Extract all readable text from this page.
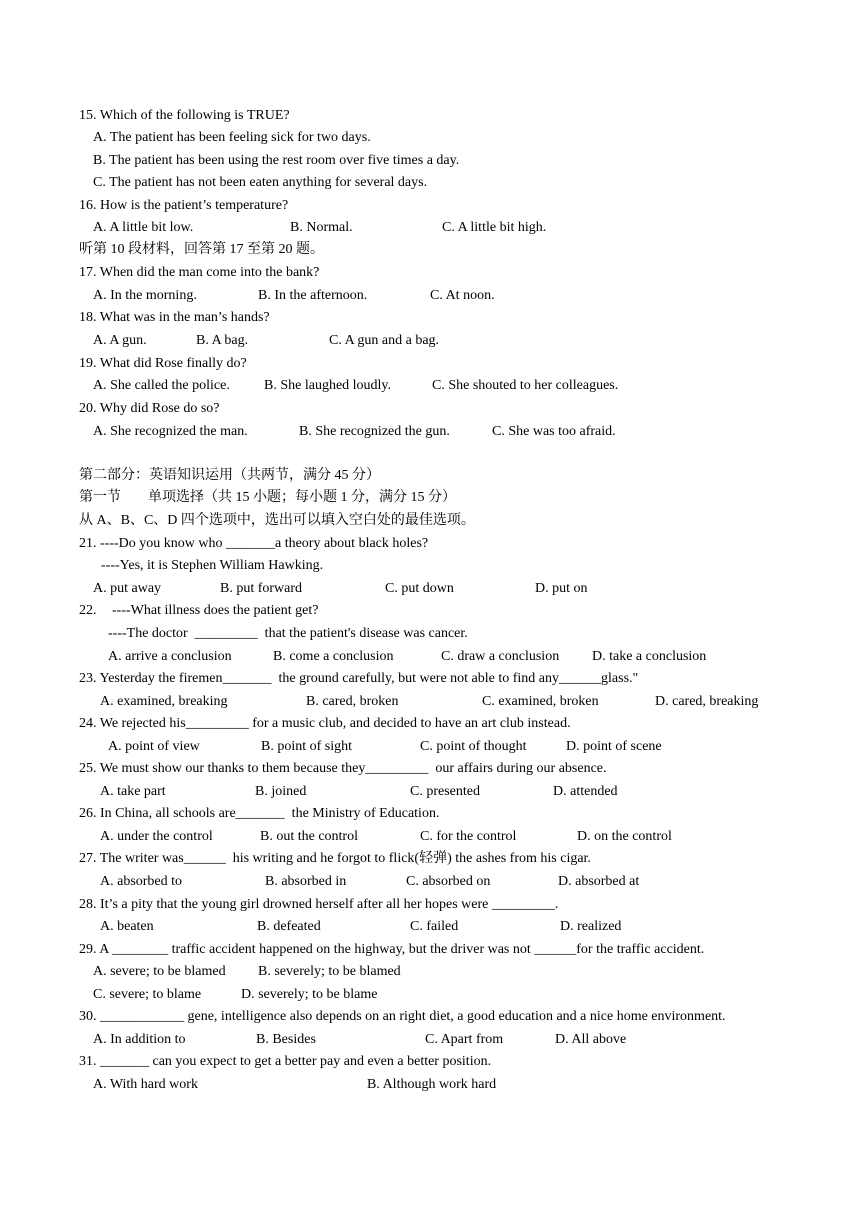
15. Which of the following is TRUE?
A. The patient has been feeling sick for two days.
B. The patient has been using the rest room over five times a day.
C. The patient has not been eaten anything for several days.
16. How is the patient’s temperature?
A. A little bit low.	B. Normal.	C. A little bit high.
听第 10 段材料，回答第 17 至第 20 题。
17. When did the man come into the bank?
A. In the morning.	B. In the afternoon.	C. At noon.
18. What was in the man’s hands?
A. A gun.	B. A bag.	C. A gun and a bag.
19. What did Rose finally do?
A. She called the police. B. She laughed loudly.	C. She shouted to her colleagues.
20. Why did Rose do so?
A. She recognized the man.	B. She recognized the gun.	C. She was too afraid.
第二部分：英语知识运用（共两节，满分 45 分）
第一节 单项选择（共 15 小题；每小题 1 分，满分 15 分）
从 A、B、C、D 四个选项中，选出可以填入空白处的最佳选项。
21. ----Do you know who _______a theory about black holes?
----Yes, it is Stephen William Hawking.
A. put away	B. put forward	C. put down	D. put on
22. ----What illness does the patient get?
----The doctor  _________  that the patient's disease was cancer.
A. arrive a conclusion	B. come a conclusion	C. draw a conclusion D. take a conclusion
23. Yesterday the firemen_______  the ground carefully, but were not able to find any______glass."
A. examined, breaking	B. cared, broken	C. examined, broken	D. cared, breaking
24. We rejected his_________ for a music club, and decided to have an art club instead.
A. point of view	B. point of sight	C. point of thought	D. point of scene
25. We must show our thanks to them because they_________  our affairs during our absence.
A. take part	B. joined	C. presented	D. attended
26. In China, all schools are_______  the Ministry of Education.
A. under the control	B. out the control	C. for the control	D. on the control
27. The writer was______  his writing and he forgot to flick(轻弹) the ashes from his cigar.
A. absorbed to	B. absorbed in	C. absorbed on	D. absorbed at
28. It’s a pity that the young girl drowned herself after all her hopes were _________.
A. beaten	B. defeated	C. failed	D. realized
29. A ________ traffic accident happened on the highway, but the driver was not ______for the traffic accident.
A. severe; to be blamed B. severely; to be blamed
C. severe; to blame	D. severely; to be blame
30. ____________ gene, intelligence also depends on an right diet, a good education and a nice home environment.
A. In addition to	B. Besides	C. Apart from	D. All above
31. _______ can you expect to get a better pay and even a better position.
A. With hard work	B. Although work hard
